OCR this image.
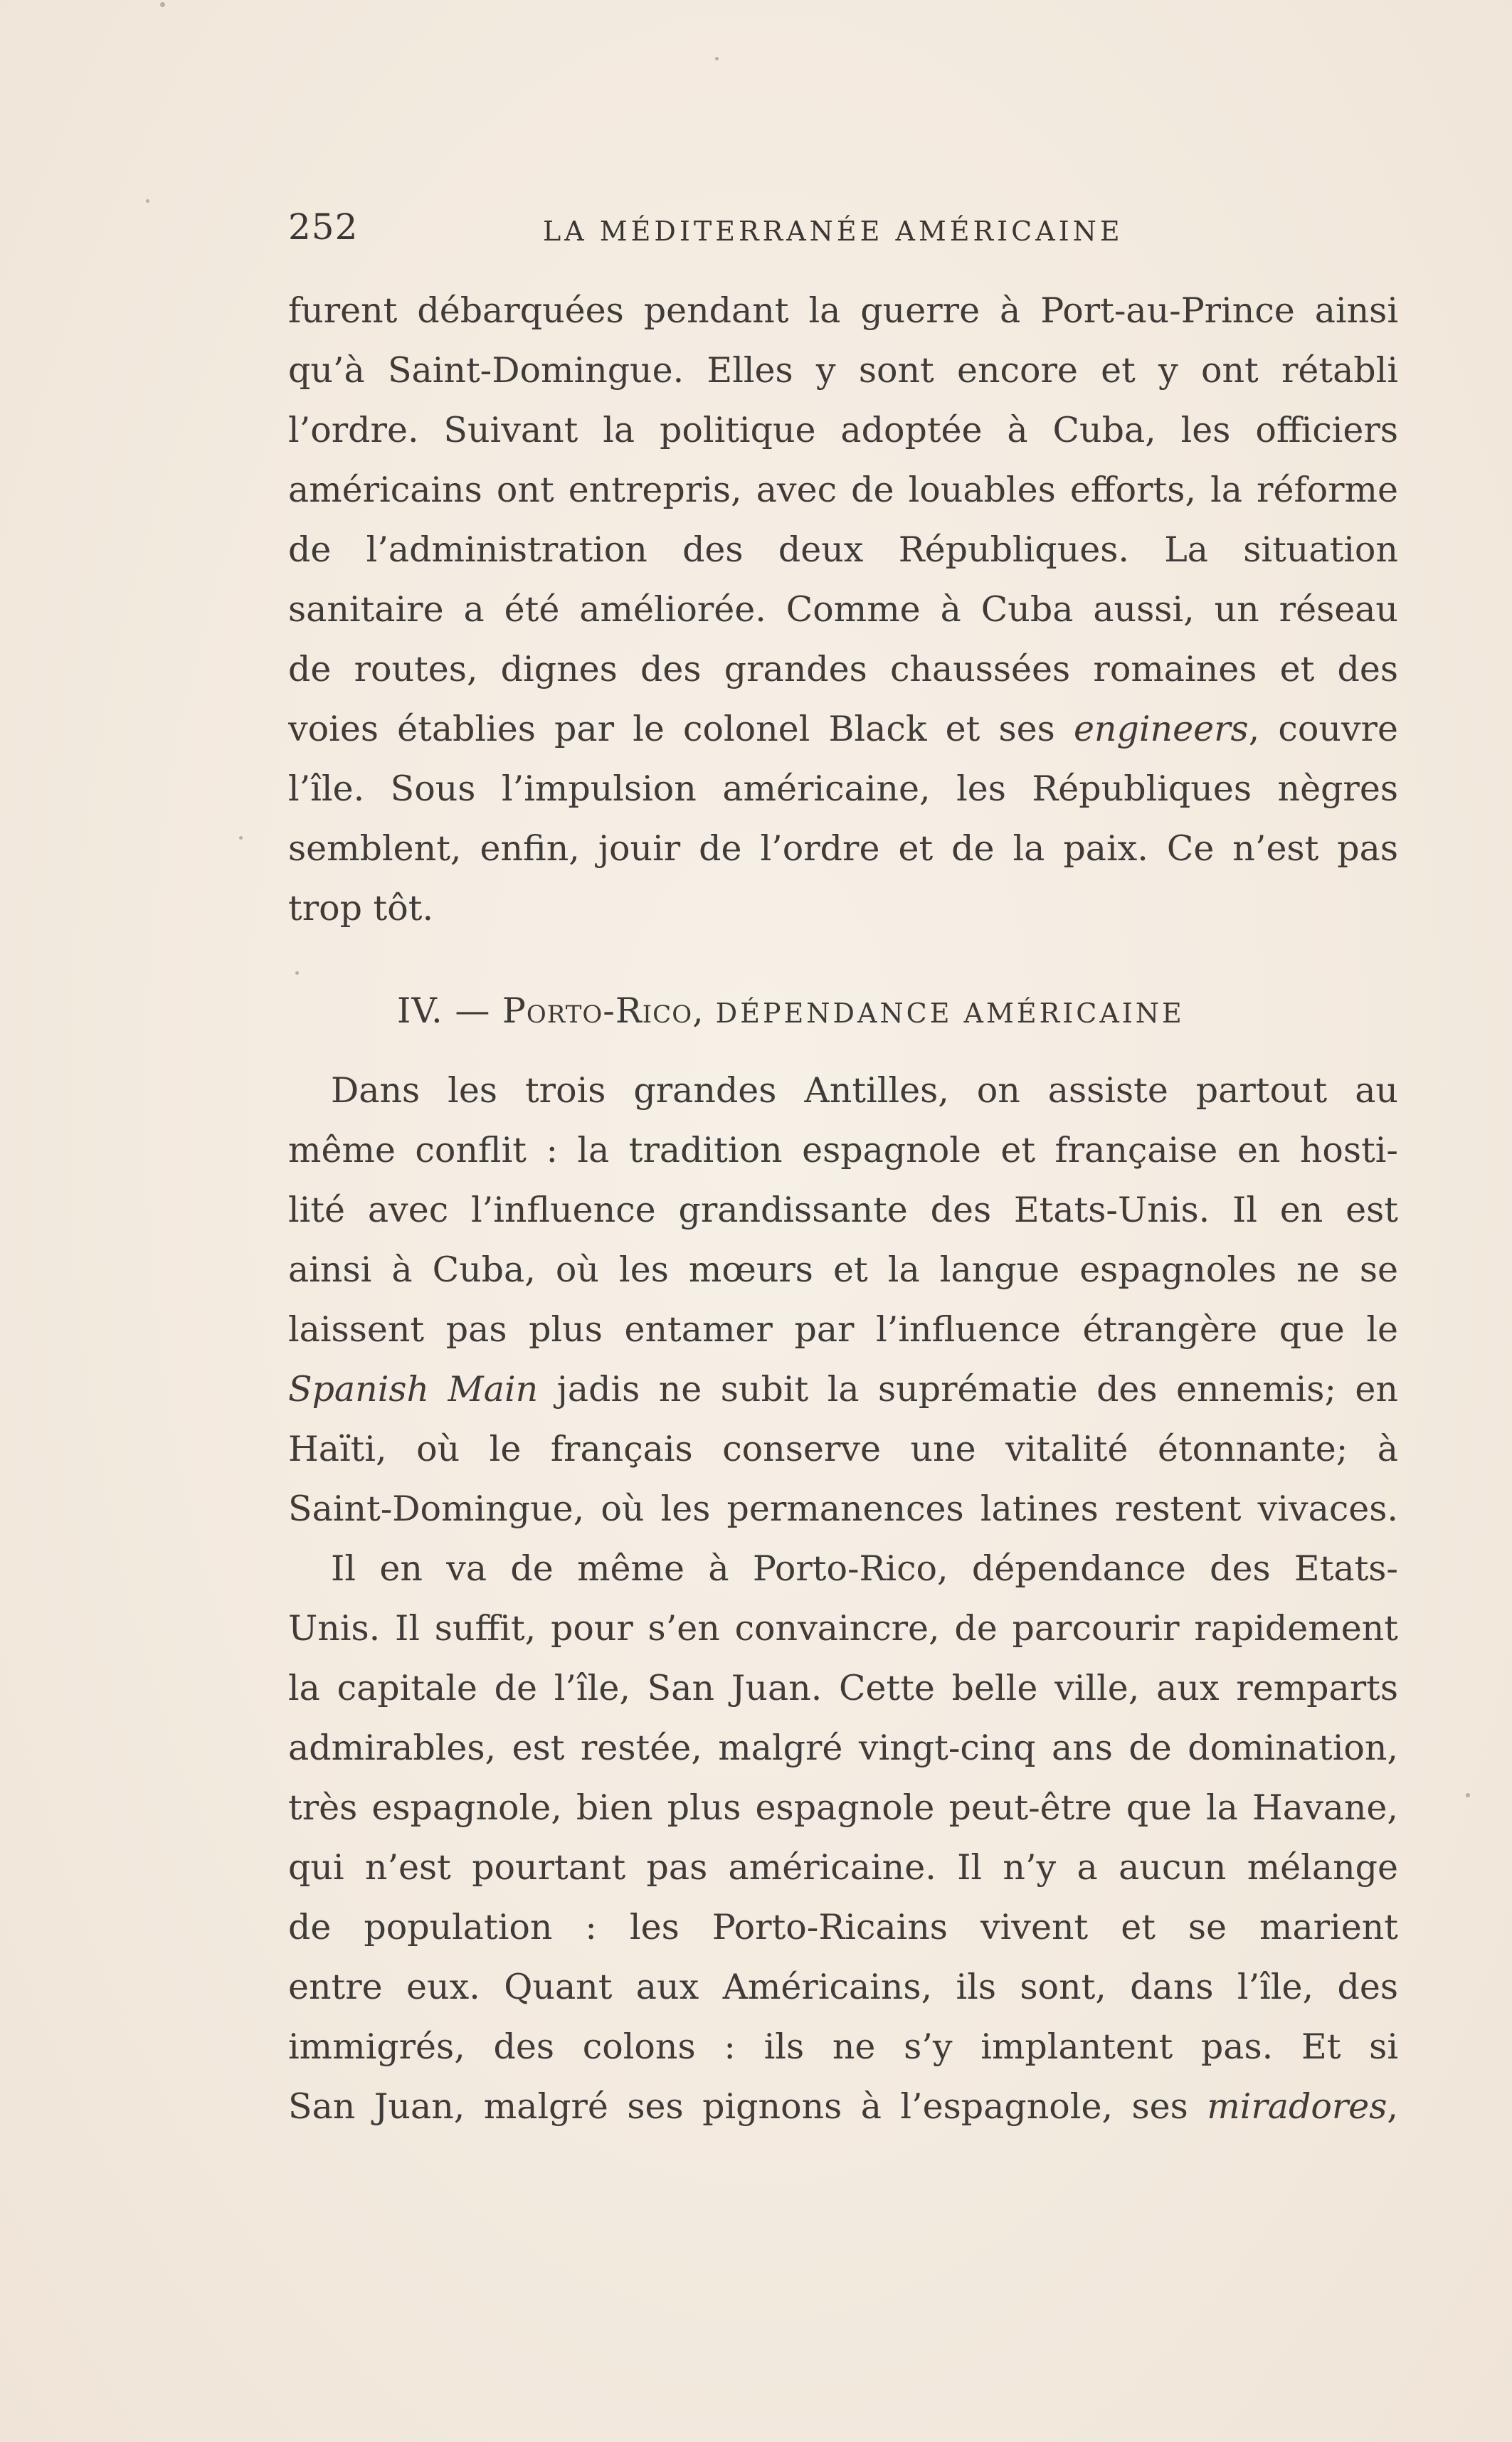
252	LA MÉDITERRANÉE AMÉRICAINE
furent débarquées pendant la guerre à Port-au-Prince ainsi
qu’à Saint-Domingue. Elles y sont encore et y ont rétabli
l’ordre. Suivant la politique adoptée à Cuba, les officiers
américains ont entrepris, avec de louables efforts, la réforme
de l’administration des deux Républiques. La situation
sanitaire a été améliorée. Comme à Cuba aussi, un réseau
de routes, dignes des grandes chaussées romaines et des
voies établies par le colonel Black et ses engineers, couvre
l’île. Sous l’impulsion américaine, les Républiques nègres
semblent, enfin, jouir de l’ordre et de la paix. Ce n’est pas
trop tôt.
IV. — Porto-Rico, DÉPENDANCE AMÉRICAINE
Dans les trois grandes Antilles, on assiste partout au
même conflit : la tradition espagnole et française en hosti-
lité avec l’influence grandissante des Etats-Unis. Il en est
ainsi à Cuba, où les mœurs et la langue espagnoles ne se
laissent pas plus entamer par l’influence étrangère que le
Spanish Main jadis ne subit la suprématie des ennemis; en
Haïti, où le français conserve une vitalité étonnante; à
Saint-Domingue, où les permanences latines restent vivaces.
Il en va de même à Porto-Rico, dépendance des Etats-
Unis. Il suffit, pour s’en convaincre, de parcourir rapidement
la capitale de l’île, San Juan. Cette belle ville, aux remparts
admirables, est restée, malgré vingt-cinq ans de domination,
très espagnole, bien plus espagnole peut-être que la Havane,
qui n’est pourtant pas américaine. Il n’y a aucun mélange
de population : les Porto-Ricains vivent et se marient
entre eux. Quant aux Américains, ils sont, dans l’île, des
immigrés, des colons : ils ne s’y implantent pas. Et si
San Juan, malgré ses pignons à l’espagnole, ses miradores,
